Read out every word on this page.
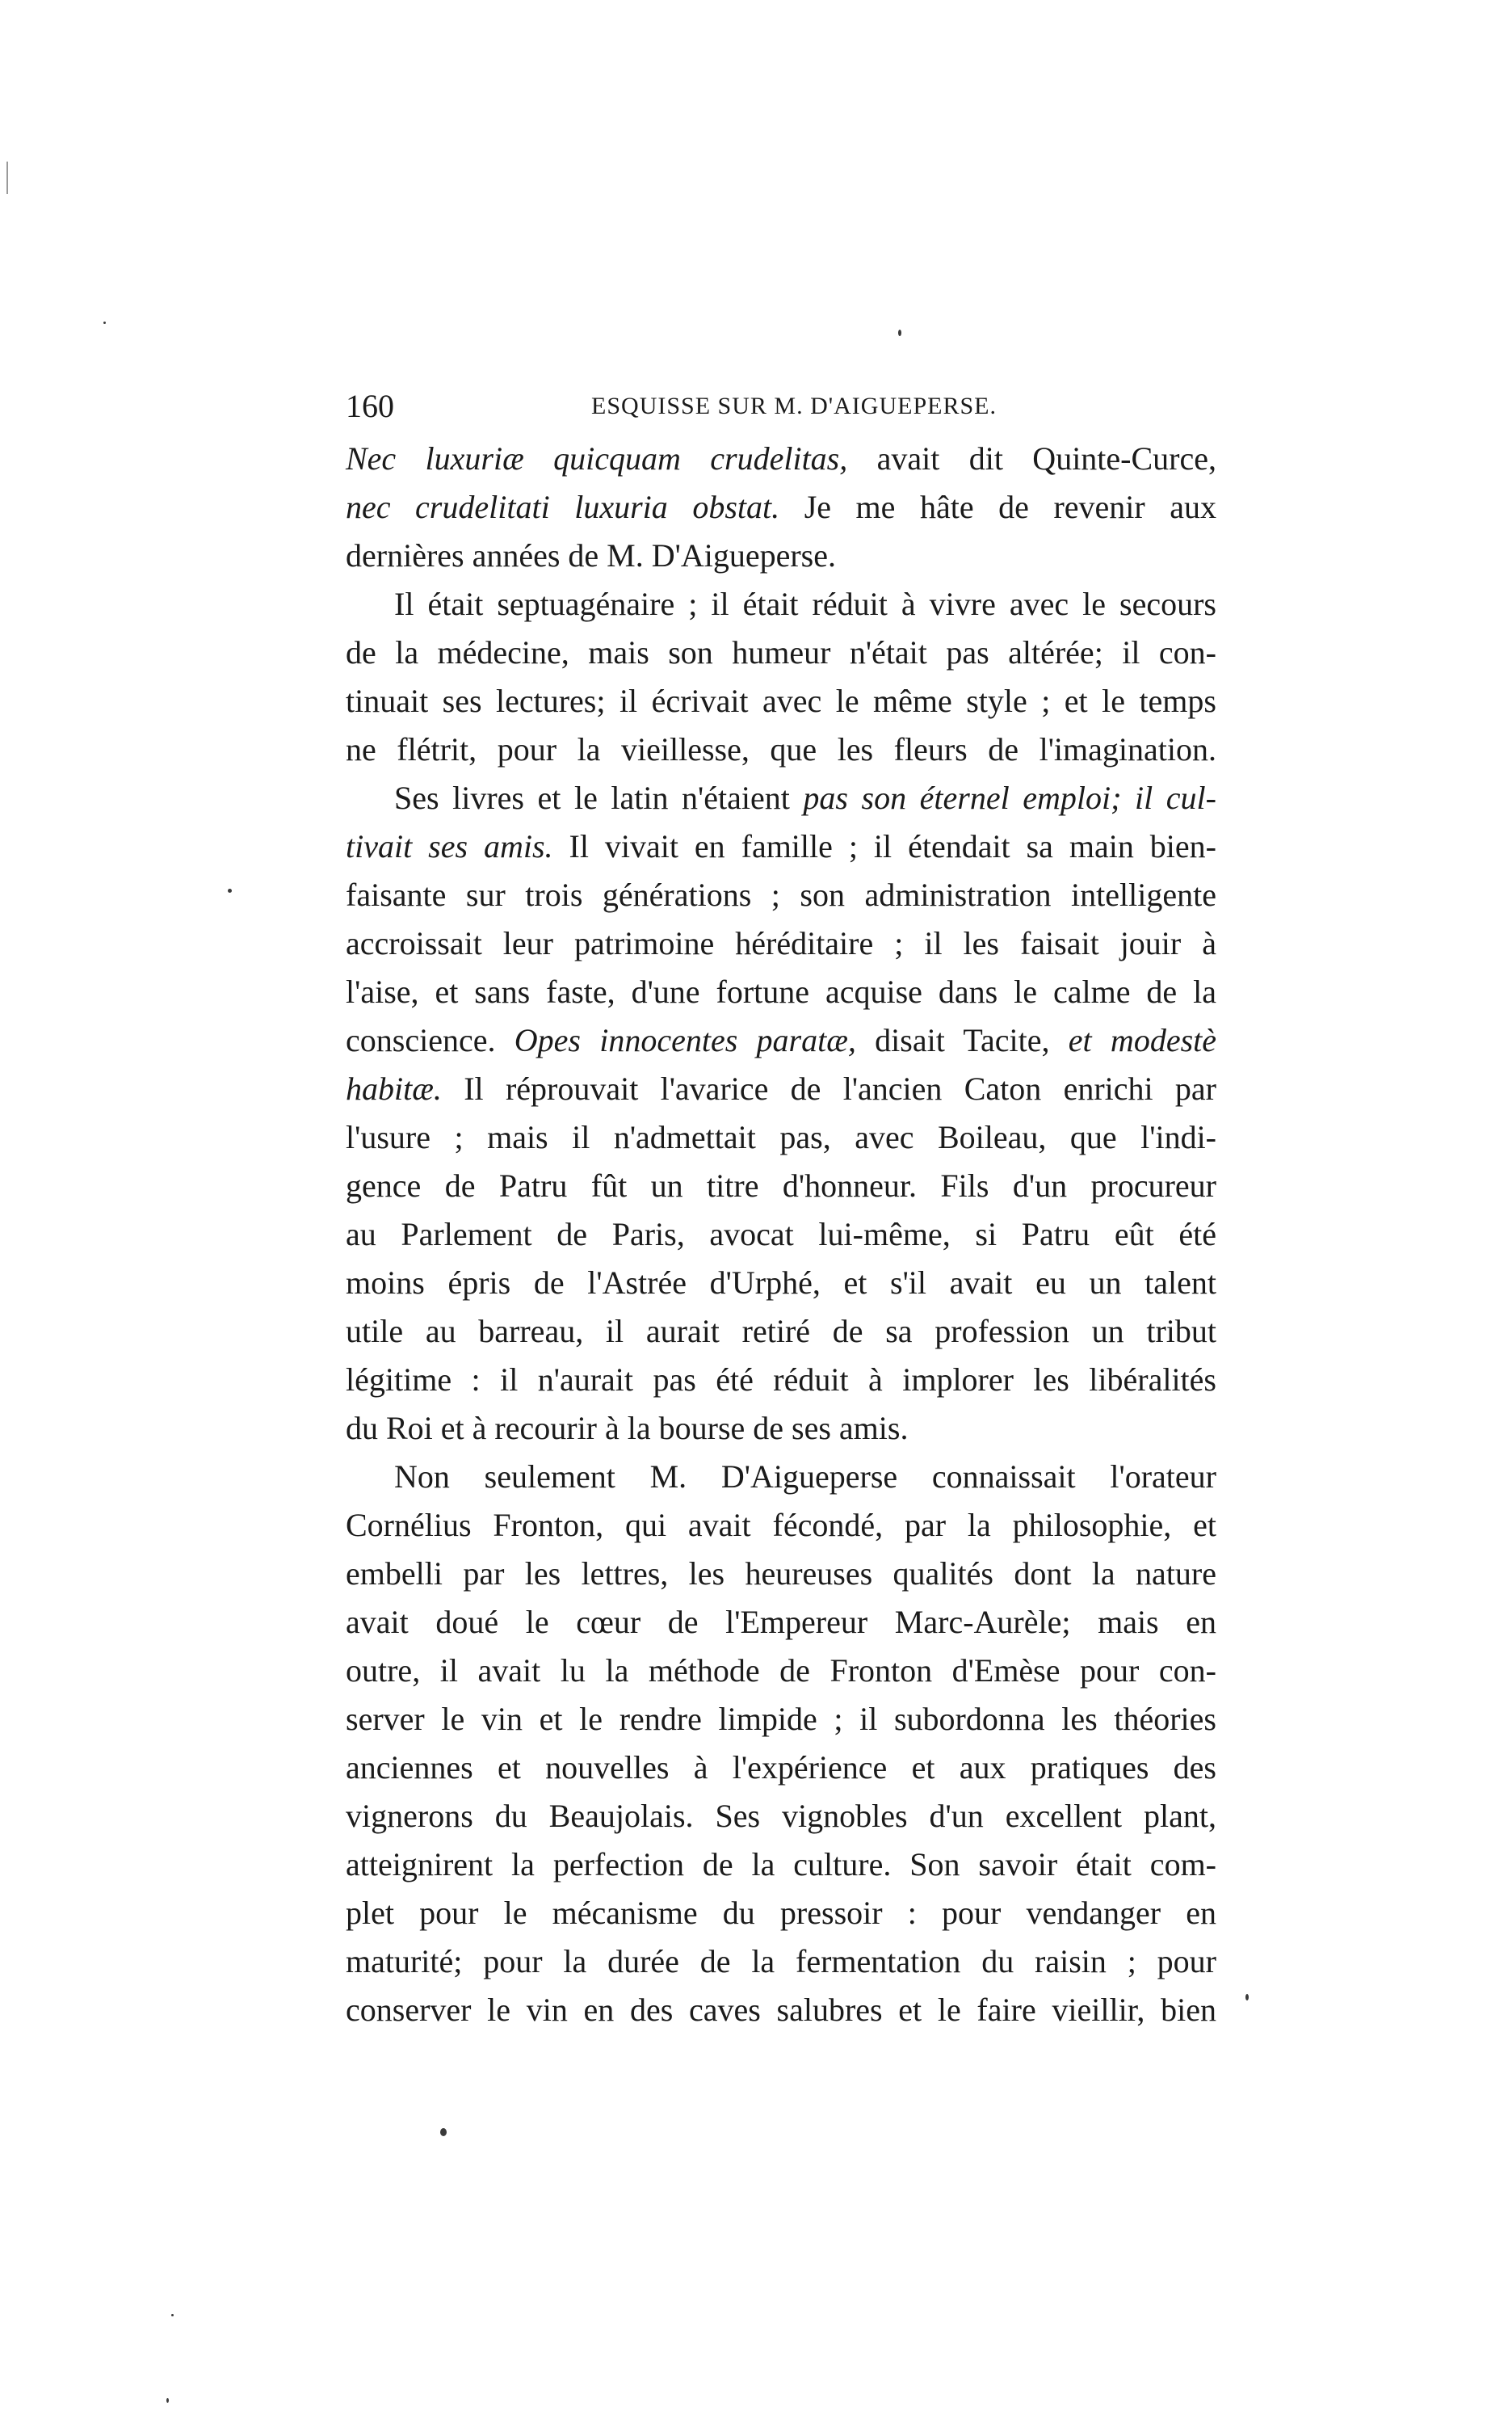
160	ESQUISSE SUR M. D'AIGUEPERSE.
Nec luxuriæ quicquam crudelitas, avait dit Quinte-Curce,
nec crudelitati luxuria obstat. Je me hâte de revenir aux
dernières années de M. D'Aigueperse.
Il était septuagénaire ; il était réduit à vivre avec le secours
de la médecine, mais son humeur n'était pas altérée; il con-
tinuait ses lectures; il écrivait avec le même style ; et le temps
ne flétrit, pour la vieillesse, que les fleurs de l'imagination.
Ses livres et le latin n'étaient pas son éternel emploi; il cul-
tivait ses amis. Il vivait en famille ; il étendait sa main bien-
faisante sur trois générations ; son administration intelligente
accroissait leur patrimoine héréditaire ; il les faisait jouir à
l'aise, et sans faste, d'une fortune acquise dans le calme de la
conscience. Opes innocentes paratæ, disait Tacite, et modestè
habitæ. Il réprouvait l'avarice de l'ancien Caton enrichi par
l'usure ; mais il n'admettait pas, avec Boileau, que l'indi-
gence de Patru fût un titre d'honneur. Fils d'un procureur
au Parlement de Paris, avocat lui-même, si Patru eût été
moins épris de l'Astrée d'Urphé, et s'il avait eu un talent
utile au barreau, il aurait retiré de sa profession un tribut
légitime : il n'aurait pas été réduit à implorer les libéralités
du Roi et à recourir à la bourse de ses amis.
Non seulement M. D'Aigueperse connaissait l'orateur
Cornélius Fronton, qui avait fécondé, par la philosophie, et
embelli par les lettres, les heureuses qualités dont la nature
avait doué le cœur de l'Empereur Marc-Aurèle; mais en
outre, il avait lu la méthode de Fronton d'Emèse pour con-
server le vin et le rendre limpide ; il subordonna les théories
anciennes et nouvelles à l'expérience et aux pratiques des
vignerons du Beaujolais. Ses vignobles d'un excellent plant,
atteignirent la perfection de la culture. Son savoir était com-
plet pour le mécanisme du pressoir : pour vendanger en
maturité; pour la durée de la fermentation du raisin ; pour
conserver le vin en des caves salubres et le faire vieillir, bien
